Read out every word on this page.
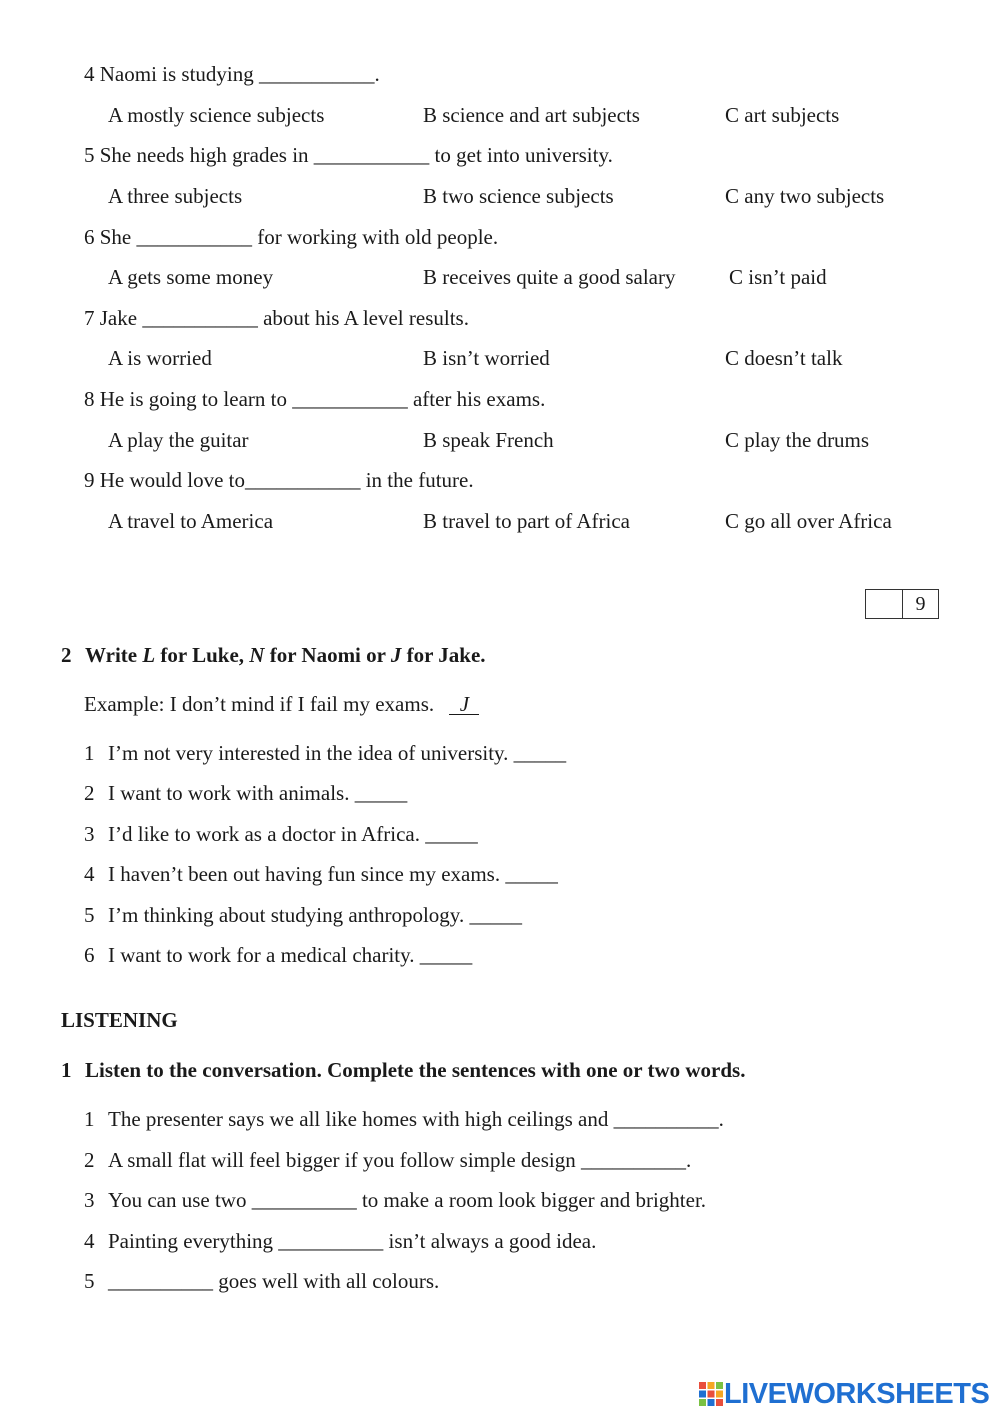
4 Naomi is studying ___________.
A mostly science subjects	B science and art subjects	C art subjects
5 She needs high grades in ___________ to get into university.
A three subjects	B two science subjects	C any two subjects
6 She ___________ for working with old people.
A gets some money	B receives quite a good salary	C isn’t paid
7 Jake ___________ about his A level results.
A is worried	B isn’t worried	C doesn’t talk
8 He is going to learn to ___________ after his exams.
A play the guitar	B speak French	C play the drums
9 He would love to___________ in the future.
A travel to America	B travel to part of Africa	C go all over Africa
9
2 Write L for Luke, N for Naomi or J for Jake.
Example: I don’t mind if I fail my exams. J
1 I’m not very interested in the idea of university. _____
2 I want to work with animals. _____
3 I’d like to work as a doctor in Africa. _____
4 I haven’t been out having fun since my exams. _____
5 I’m thinking about studying anthropology. _____
6 I want to work for a medical charity. _____
LISTENING
1 Listen to the conversation. Complete the sentences with one or two words.
1 The presenter says we all like homes with high ceilings and __________.
2 A small flat will feel bigger if you follow simple design __________.
3 You can use two __________ to make a room look bigger and brighter.
4 Painting everything __________ isn’t always a good idea.
5 __________ goes well with all colours.
LIVEWORKSHEETS
